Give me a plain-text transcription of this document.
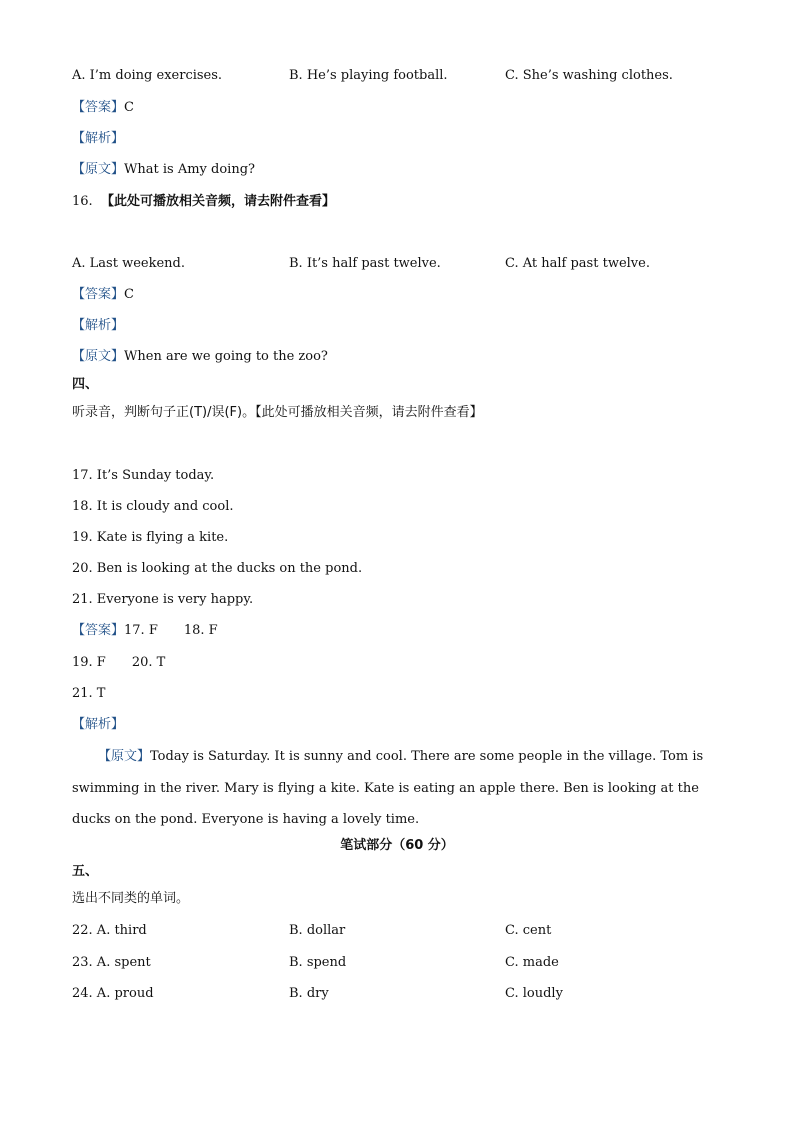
A. I’m doing exercises.	B. He’s playing football.	C. She’s washing clothes.
【答案】C
【解析】
【原文】What is Amy doing?
16. 【此处可播放相关音频，请去附件查看】
A. Last weekend.	B. It’s half past twelve.	C. At half past twelve.
【答案】C
【解析】
【原文】When are we going to the zoo?
四、
听录音，判断句子正(T)/误(F)。【此处可播放相关音频，请去附件查看】
17. It’s Sunday today.
18. It is cloudy and cool.
19. Kate is flying a kite.
20. Ben is looking at the ducks on the pond.
21. Everyone is very happy.
【答案】17. F 18. F
19. F 20. T
21. T
【解析】
【原文】Today is Saturday. It is sunny and cool. There are some people in the village. Tom is swimming in the river. Mary is flying a kite. Kate is eating an apple there. Ben is looking at the ducks on the pond. Everyone is having a lovely time.
笔试部分（60 分）
五、
选出不同类的单词。
22. A. third	B. dollar	C. cent
23. A. spent	B. spend	C. made
24. A. proud	B. dry	C. loudly
